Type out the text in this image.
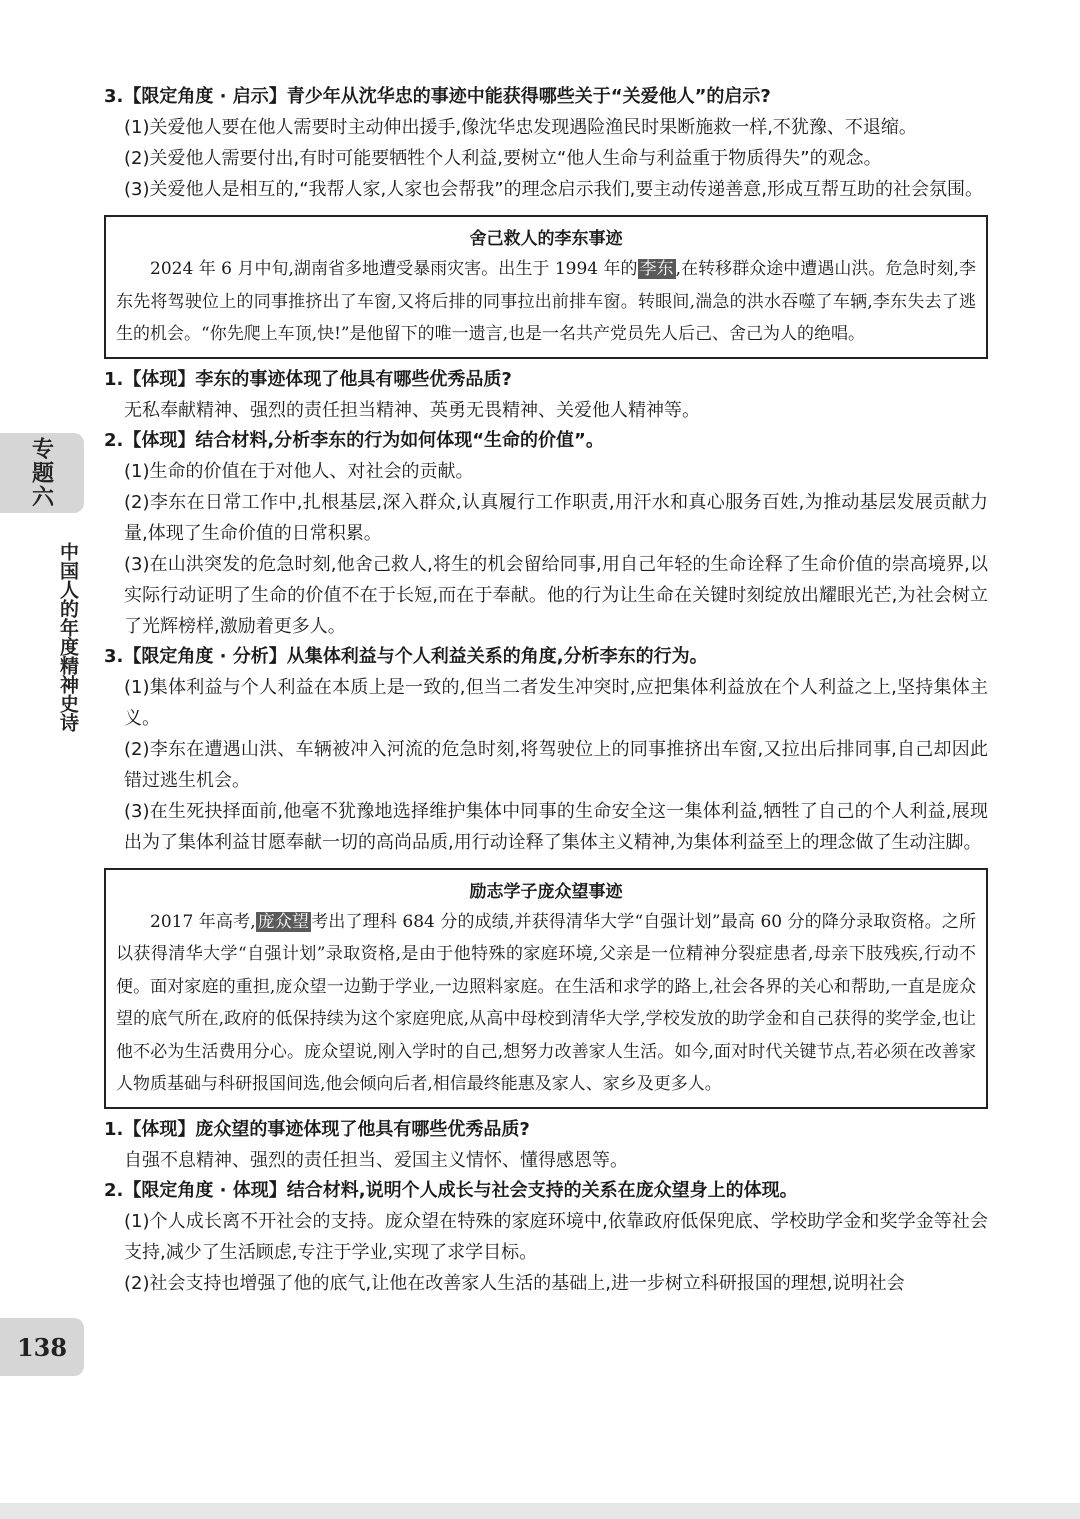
专题六
中国人的年度精神史诗
138

3.【限定角度 · 启示】青少年从沈华忠的事迹中能获得哪些关于“关爱他人”的启示?

(1)关爱他人要在他人需要时主动伸出援手,像沈华忠发现遇险渔民时果断施救一样,不犹豫、不退缩。

(2)关爱他人需要付出,有时可能要牺牲个人利益,要树立“他人生命与利益重于物质得失”的观念。

(3)关爱他人是相互的,“我帮人家,人家也会帮我”的理念启示我们,要主动传递善意,形成互帮互助的社会氛围。

舍己救人的李东事迹

2024 年 6 月中旬,湖南省多地遭受暴雨灾害。出生于 1994 年的 李东 ,在转移群众途中遭遇山洪。危急时刻,李东先将驾驶位上的同事推挤出了车窗,又将后排的同事拉出前排车窗。转眼间,湍急的洪水吞噬了车辆,李东失去了逃生的机会。“你先爬上车顶,快!”是他留下的唯一遗言,也是一名共产党员先人后己、舍己为人的绝唱。

1.【体现】李东的事迹体现了他具有哪些优秀品质?

无私奉献精神、强烈的责任担当精神、英勇无畏精神、关爱他人精神等。

2.【体现】结合材料,分析李东的行为如何体现“生命的价值”。

(1)生命的价值在于对他人、对社会的贡献。

(2)李东在日常工作中,扎根基层,深入群众,认真履行工作职责,用汗水和真心服务百姓,为推动基层发展贡献力量,体现了生命价值的日常积累。

(3)在山洪突发的危急时刻,他舍己救人,将生的机会留给同事,用自己年轻的生命诠释了生命价值的崇高境界,以实际行动证明了生命的价值不在于长短,而在于奉献。他的行为让生命在关键时刻绽放出耀眼光芒,为社会树立了光辉榜样,激励着更多人。

3.【限定角度 · 分析】从集体利益与个人利益关系的角度,分析李东的行为。

(1)集体利益与个人利益在本质上是一致的,但当二者发生冲突时,应把集体利益放在个人利益之上,坚持集体主义。

(2)李东在遭遇山洪、车辆被冲入河流的危急时刻,将驾驶位上的同事推挤出车窗,又拉出后排同事,自己却因此错过逃生机会。

(3)在生死抉择面前,他毫不犹豫地选择维护集体中同事的生命安全这一集体利益,牺牲了自己的个人利益,展现出为了集体利益甘愿奉献一切的高尚品质,用行动诠释了集体主义精神,为集体利益至上的理念做了生动注脚。

励志学子庞众望事迹

2017 年高考, 庞众望 考出了理科 684 分的成绩,并获得清华大学“自强计划”最高 60 分的降分录取资格。之所以获得清华大学“自强计划”录取资格,是由于他特殊的家庭环境,父亲是一位精神分裂症患者,母亲下肢残疾,行动不便。面对家庭的重担,庞众望一边勤于学业,一边照料家庭。在生活和求学的路上,社会各界的关心和帮助,一直是庞众望的底气所在,政府的低保持续为这个家庭兜底,从高中母校到清华大学,学校发放的助学金和自己获得的奖学金,也让他不必为生活费用分心。庞众望说,刚入学时的自己,想努力改善家人生活。如今,面对时代关键节点,若必须在改善家人物质基础与科研报国间选,他会倾向后者,相信最终能惠及家人、家乡及更多人。

1.【体现】庞众望的事迹体现了他具有哪些优秀品质?

自强不息精神、强烈的责任担当、爱国主义情怀、懂得感恩等。

2.【限定角度 · 体现】结合材料,说明个人成长与社会支持的关系在庞众望身上的体现。

(1)个人成长离不开社会的支持。庞众望在特殊的家庭环境中,依靠政府低保兜底、学校助学金和奖学金等社会支持,减少了生活顾虑,专注于学业,实现了求学目标。

(2)社会支持也增强了他的底气,让他在改善家人生活的基础上,进一步树立科研报国的理想,说明社会
